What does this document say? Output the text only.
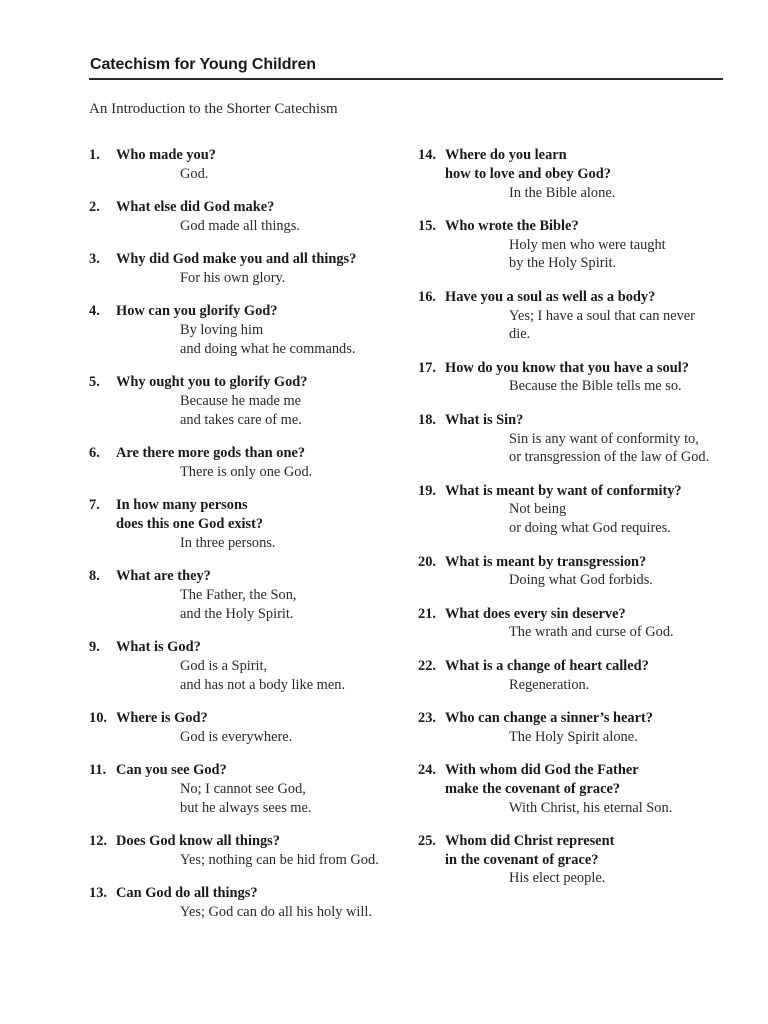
Catechism for Young Children
An Introduction to the Shorter Catechism
1.	Who made you?
God.
2.	What else did God make?
God made all things.
3.	Why did God make you and all things?
For his own glory.
4.	How can you glorify God?
By loving him
and doing what he commands.
5.	Why ought you to glorify God?
Because he made me
and takes care of me.
6.	Are there more gods than one?
There is only one God.
7.	In how many persons
does this one God exist?
In three persons.
8.	What are they?
The Father, the Son,
and the Holy Spirit.
9.	What is God?
God is a Spirit,
and has not a body like men.
10. Where is God?
God is everywhere.
11. Can you see God?
No; I cannot see God,
but he always sees me.
12. Does God know all things?
Yes; nothing can be hid from God.
13. Can God do all things?
Yes; God can do all his holy will.
14. Where do you learn
how to love and obey God?
In the Bible alone.
15. Who wrote the Bible?
Holy men who were taught
by the Holy Spirit.
16. Have you a soul as well as a body?
Yes; I have a soul that can never
die.
17. How do you know that you have a soul?
Because the Bible tells me so.
18. What is Sin?
Sin is any want of conformity to,
or transgression of the law of God.
19. What is meant by want of conformity?
Not being
or doing what God requires.
20. What is meant by transgression?
Doing what God forbids.
21. What does every sin deserve?
The wrath and curse of God.
22. What is a change of heart called?
Regeneration.
23. Who can change a sinner’s heart?
The Holy Spirit alone.
24. With whom did God the Father
make the covenant of grace?
With Christ, his eternal Son.
25. Whom did Christ represent
in the covenant of grace?
His elect people.
